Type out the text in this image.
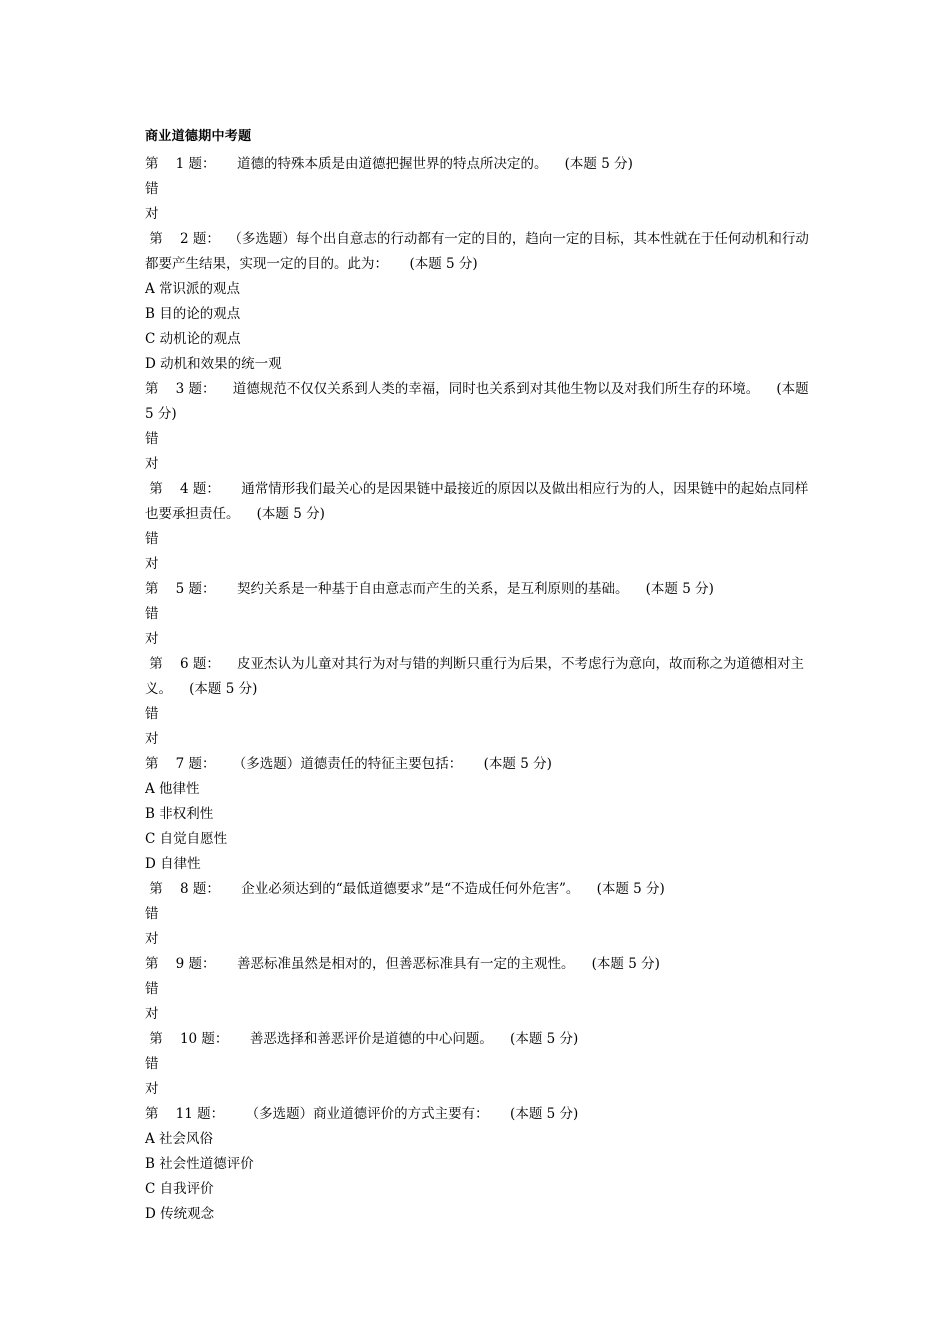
商业道德期中考题
第    1 题：     道德的特殊本质是由道德把握世界的特点所决定的。    (本题 5 分)
错
对
第    2 题：  （多选题）每个出自意志的行动都有一定的目的，趋向一定的目标，其本性就在于任何动机和行动都要产生结果，实现一定的目的。此为：     (本题 5 分)
A 常识派的观点
B 目的论的观点
C 动机论的观点
D 动机和效果的统一观
第    3 题：    道德规范不仅仅关系到人类的幸福，同时也关系到对其他生物以及对我们所生存的环境。    (本题 5 分)
错
对
第    4 题：     通常情形我们最关心的是因果链中最接近的原因以及做出相应行为的人，因果链中的起始点同样也要承担责任。    (本题 5 分)
错
对
第    5 题：     契约关系是一种基于自由意志而产生的关系，是互利原则的基础。    (本题 5 分)
错
对
第    6 题：    皮亚杰认为儿童对其行为对与错的判断只重行为后果，不考虑行为意向，故而称之为道德相对主义。    (本题 5 分)
错
对
第    7 题：    （多选题）道德责任的特征主要包括：     (本题 5 分)
A 他律性
B 非权利性
C 自觉自愿性
D 自律性
第    8 题：     企业必须达到的“最低道德要求”是“不造成任何外危害”。    (本题 5 分)
错
对
第    9 题：     善恶标准虽然是相对的，但善恶标准具有一定的主观性。    (本题 5 分)
错
对
第    10 题：     善恶选择和善恶评价是道德的中心问题。    (本题 5 分)
错
对
第    11 题：     （多选题）商业道德评价的方式主要有：     (本题 5 分)
A 社会风俗
B 社会性道德评价
C 自我评价
D 传统观念
